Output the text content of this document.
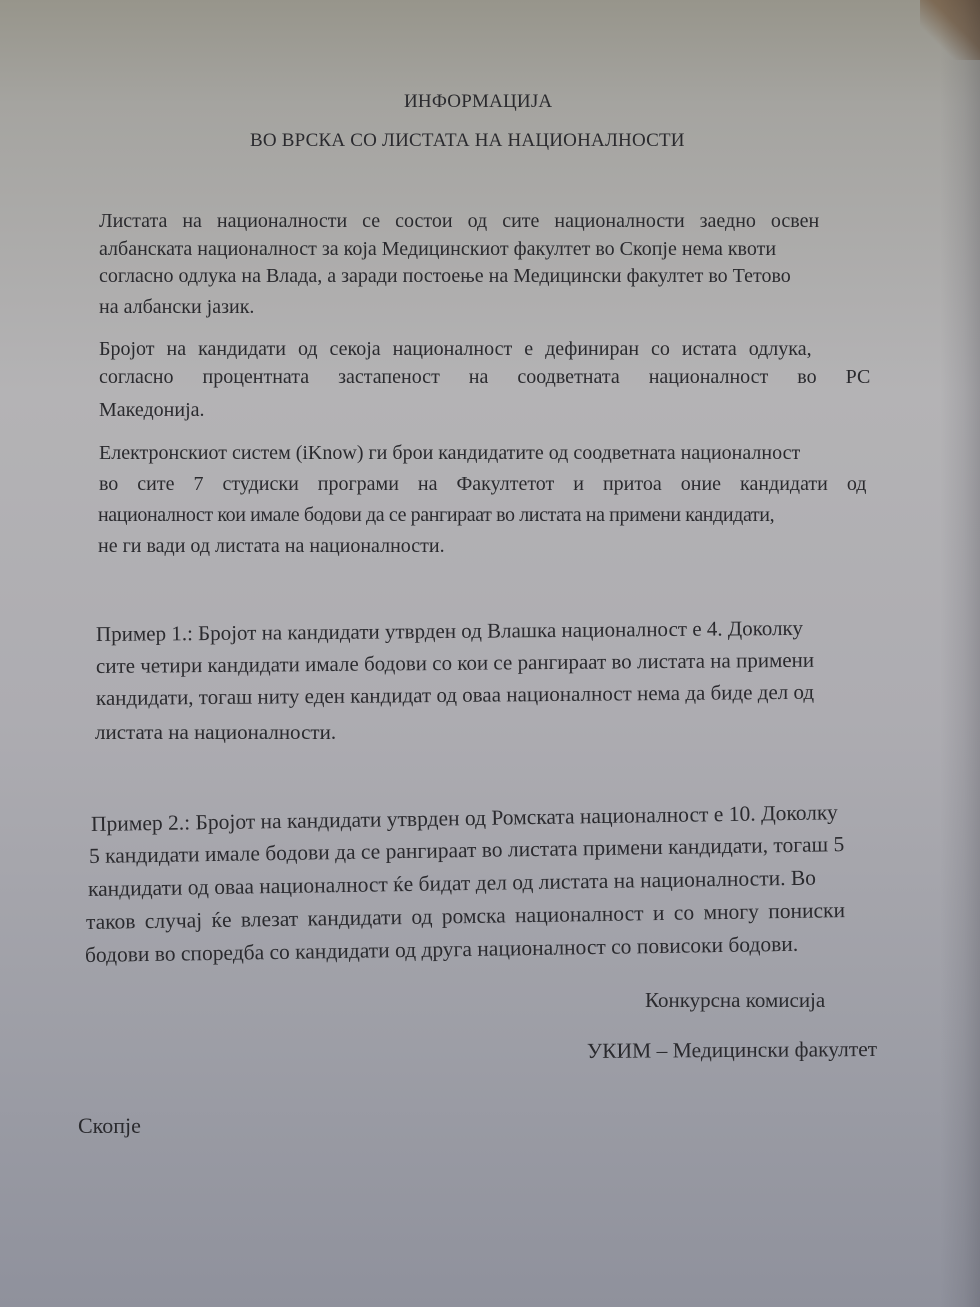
ИНФОРМАЦИЈА
ВО ВРСКА СО ЛИСТАТА НА НАЦИОНАЛНОСТИ
Листата на националности се состои од сите националности заедно освен
албанската националност за која Медицинскиот факултет во Скопје нема квоти
согласно одлука на Влада, а заради постоење на Медицински факултет во Тетово
на албански јазик.
Бројот на кандидати од секоја националност е дефиниран со истата одлука,
согласно процентната застапеност на соодветната националност во РС
Македонија.
Електронскиот систем (iKnow) ги брои кандидатите од соодветната националност
во сите 7 студиски програми на Факултетот и притоа оние кандидати од
националност кои имале бодови да се рангираат во листата на примени кандидати,
не ги вади од листата на националности.
Пример 1.: Бројот на кандидати утврден од Влашка националност е 4. Доколку
сите четири кандидати имале бодови со кои се рангираат во листата на примени
кандидати, тогаш ниту еден кандидат од оваа националност нема да биде дел од
листата на националности.
Пример 2.: Бројот на кандидати утврден од Ромската националност е 10. Доколку
5 кандидати имале бодови да се рангираат во листата примени кандидати, тогаш 5
кандидати од оваа националност ќе бидат дел од листата на националности. Во
таков случај ќе влезат кандидати од ромска националност и со многу пониски
бодови во споредба со кандидати од друга националност со повисоки бодови.
Конкурсна комисија
УКИМ – Медицински факултет
Скопје
